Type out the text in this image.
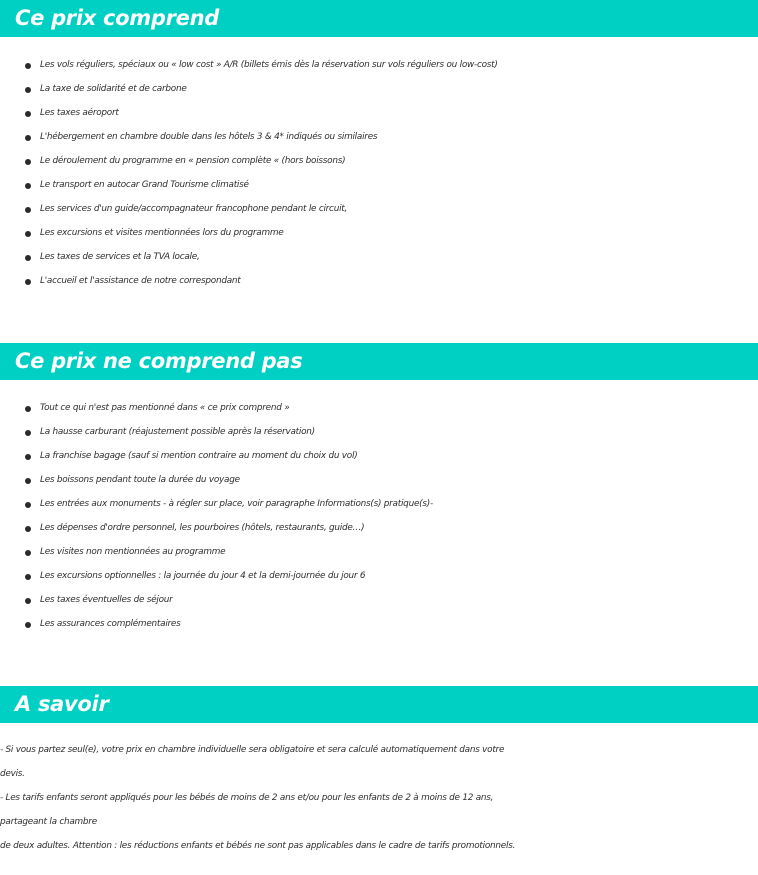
Ce prix comprend
Les vols réguliers, spéciaux ou « low cost » A/R (billets émis dès la réservation sur vols réguliers ou low-cost)
La taxe de solidarité et de carbone
Les taxes aéroport
L'hébergement en chambre double dans les hôtels 3 & 4* indiqués ou similaires
Le déroulement du programme en « pension complète « (hors boissons)
Le transport en autocar Grand Tourisme climatisé
Les services d'un guide/accompagnateur francophone pendant le circuit,
Les excursions et visites mentionnées lors du programme
Les taxes de services et la TVA locale,
L'accueil et l'assistance de notre correspondant
Ce prix ne comprend pas
Tout ce qui n'est pas mentionné dans « ce prix comprend »
La hausse carburant (réajustement possible après la réservation)
La franchise bagage (sauf si mention contraire au moment du choix du vol)
Les boissons pendant toute la durée du voyage
Les entrées aux monuments - à régler sur place, voir paragraphe Informations(s) pratique(s)-
Les dépenses d'ordre personnel, les pourboires (hôtels, restaurants, guide…)
Les visites non mentionnées au programme
Les excursions optionnelles : la journée du jour 4 et la demi-journée du jour 6
Les taxes éventuelles de séjour
Les assurances complémentaires
A savoir
- Si vous partez seul(e), votre prix en chambre individuelle sera obligatoire et sera calculé automatiquement dans votre
devis.
- Les tarifs enfants seront appliqués pour les bébés de moins de 2 ans et/ou pour les enfants de 2 à moins de 12 ans,
partageant la chambre
de deux adultes. Attention : les réductions enfants et bébés ne sont pas applicables dans le cadre de tarifs promotionnels.
